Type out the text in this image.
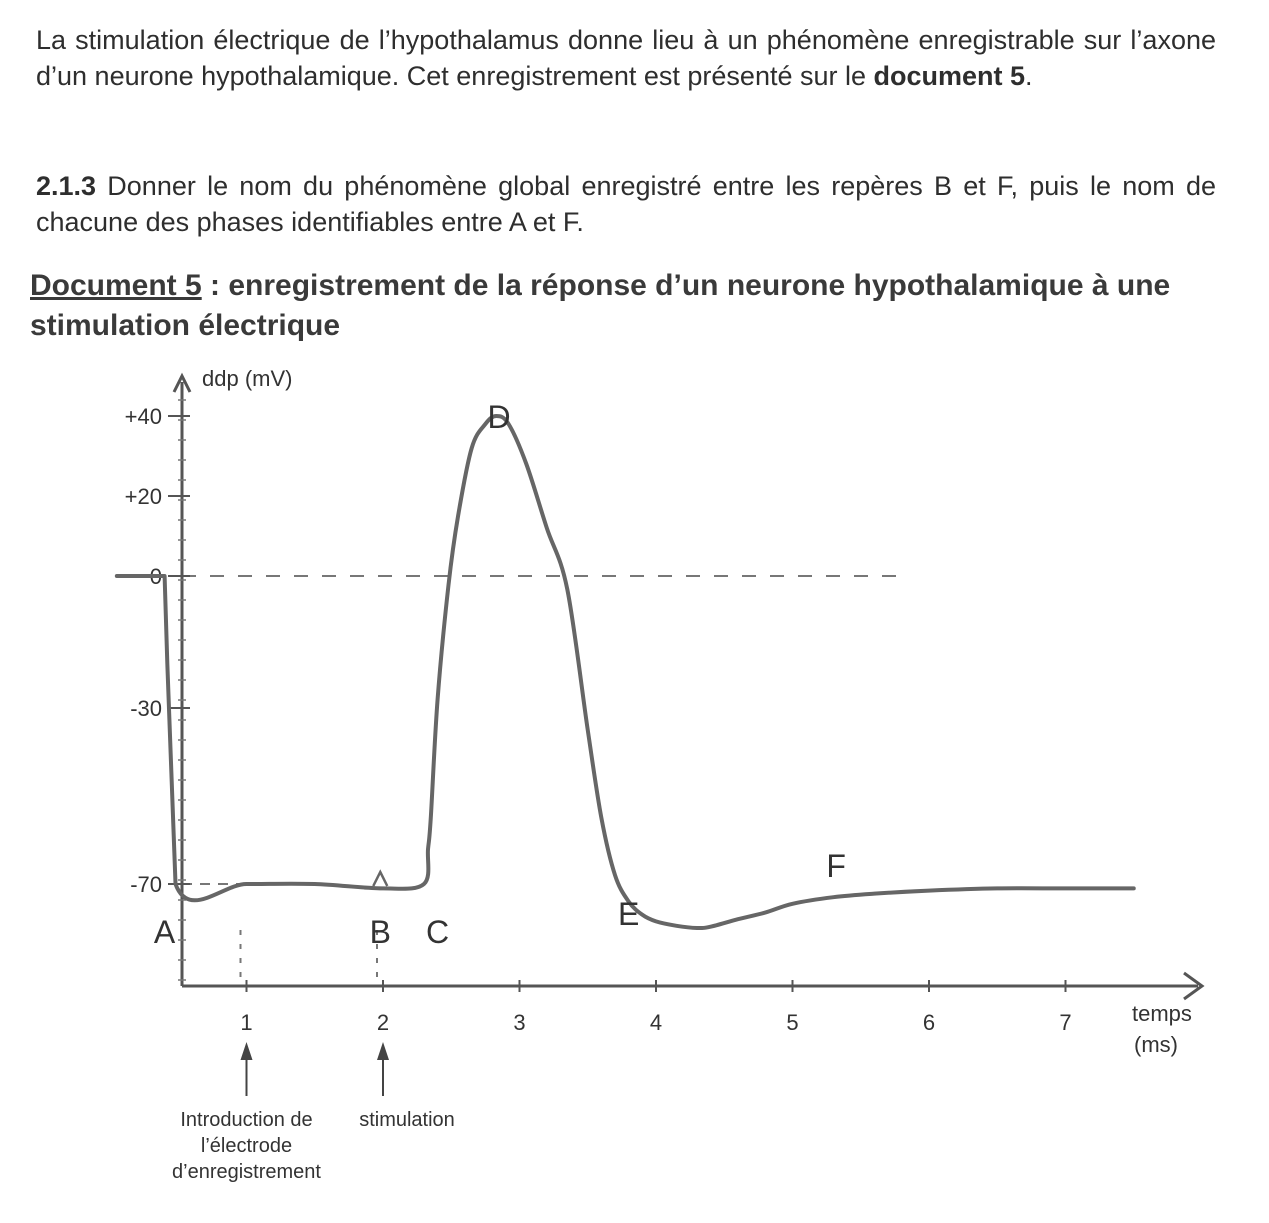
La stimulation électrique de l’hypothalamus donne lieu à un phénomène enregistrable sur l’axone d’un neurone hypothalamique. Cet enregistrement est présenté sur le document 5.

2.1.3 Donner le nom du phénomène global enregistré entre les repères B et F, puis le nom de chacune des phases identifiables entre A et F.

Document 5 : enregistrement de la réponse d’un neurone hypothalamique à une stimulation électrique

ddp (mV)
temps
(ms)
+40
+20
0
-30
-70
1	2	3	4	5	6	7
A	B C
D
E
F
Introduction de l’électrode d’enregistrement
stimulation
